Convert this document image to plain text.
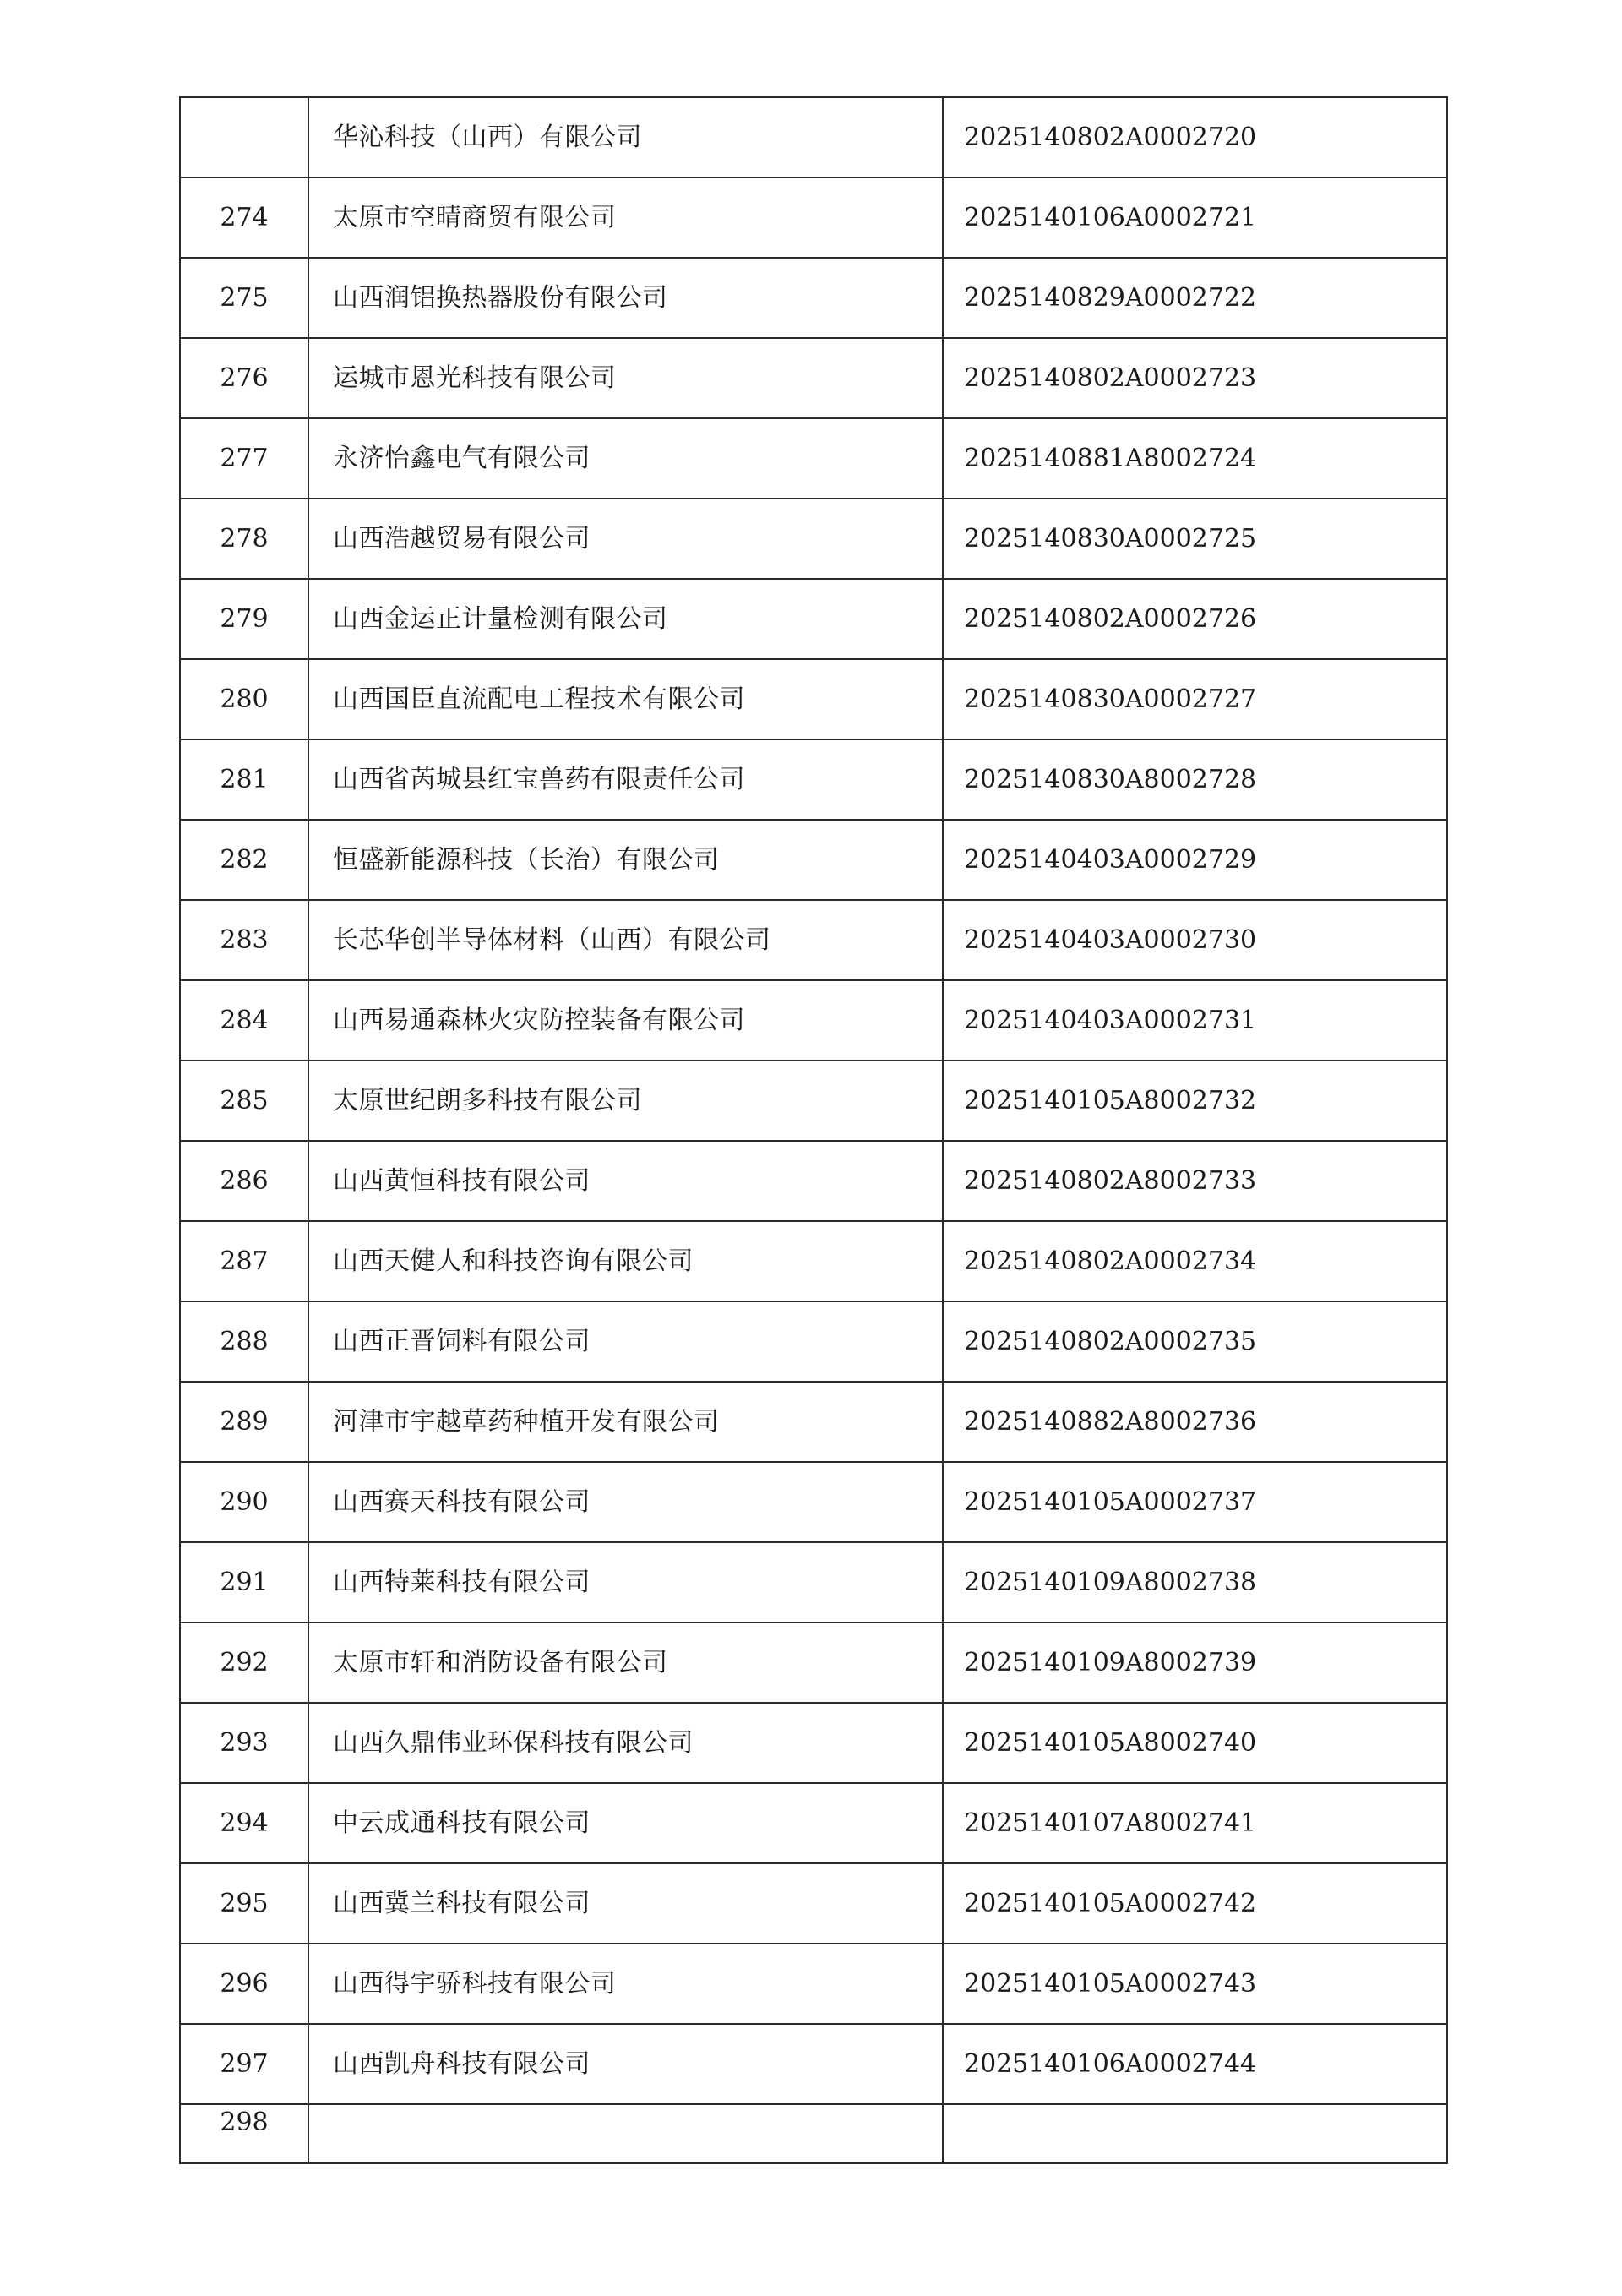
	华沁科技（山西）有限公司	2025140802A0002720
274	太原市空晴商贸有限公司	2025140106A0002721
275	山西润铝换热器股份有限公司	2025140829A0002722
276	运城市恩光科技有限公司	2025140802A0002723
277	永济怡鑫电气有限公司	2025140881A8002724
278	山西浩越贸易有限公司	2025140830A0002725
279	山西金运正计量检测有限公司	2025140802A0002726
280	山西国臣直流配电工程技术有限公司	2025140830A0002727
281	山西省芮城县红宝兽药有限责任公司	2025140830A8002728
282	恒盛新能源科技（长治）有限公司	2025140403A0002729
283	长芯华创半导体材料（山西）有限公司	2025140403A0002730
284	山西易通森林火灾防控装备有限公司	2025140403A0002731
285	太原世纪朗多科技有限公司	2025140105A8002732
286	山西黄恒科技有限公司	2025140802A8002733
287	山西天健人和科技咨询有限公司	2025140802A0002734
288	山西正晋饲料有限公司	2025140802A0002735
289	河津市宇越草药种植开发有限公司	2025140882A8002736
290	山西赛天科技有限公司	2025140105A0002737
291	山西特莱科技有限公司	2025140109A8002738
292	太原市轩和消防设备有限公司	2025140109A8002739
293	山西久鼎伟业环保科技有限公司	2025140105A8002740
294	中云成通科技有限公司	2025140107A8002741
295	山西冀兰科技有限公司	2025140105A0002742
296	山西得宇骄科技有限公司	2025140105A0002743
297	山西凯舟科技有限公司	2025140106A0002744
298		
